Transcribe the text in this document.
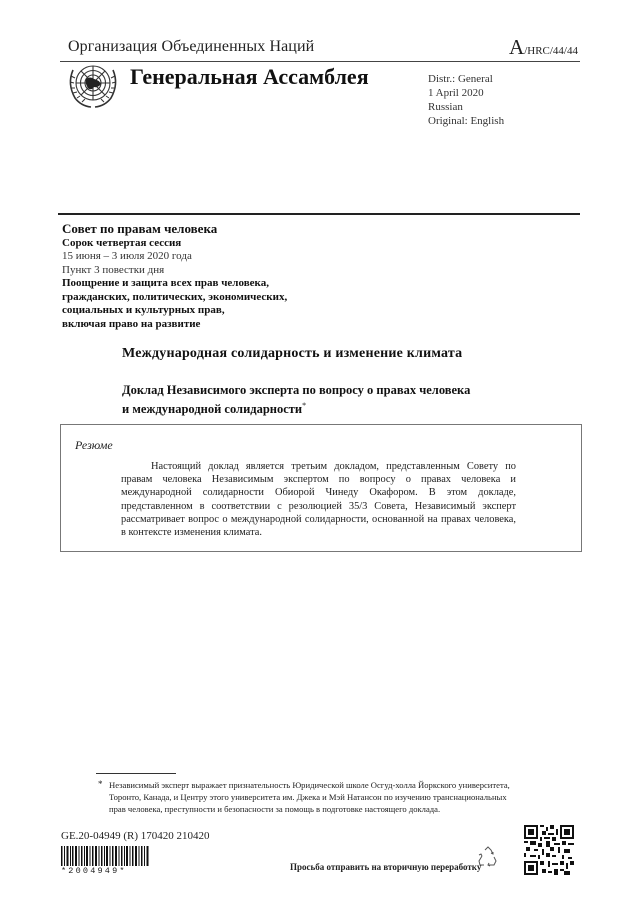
Организация Объединенных Наций	A/HRC/44/44
Генеральная Ассамблея	Distr.: General
1 April 2020
Russian
Original: English
Совет по правам человека
Сорок четвертая сессия
15 июня – 3 июля 2020 года
Пункт 3 повестки дня
Поощрение и защита всех прав человека,
гражданских, политических, экономических,
социальных и культурных прав,
включая право на развитие
Международная солидарность и изменение климата
Доклад Независимого эксперта по вопросу о правах человека
и международной солидарности*
Резюме
Настоящий доклад является третьим докладом, представленным Совету по правам человека Независимым экспертом по вопросу о правах человека и международной солидарности Обиорой Чинеду Окафором. В этом докладе, представленном в соответствии с резолюцией 35/3 Совета, Независимый эксперт рассматривает вопрос о международной солидарности, основанной на правах человека, в контексте изменения климата.
* Независимый эксперт выражает признательность Юридической школе Осгуд-холла Йоркского университета, Торонто, Канада, и Центру этого университета им. Джека и Мэй Натансон по изучению транснациональных прав человека, преступности и безопасности за помощь в подготовке настоящего доклада.
GE.20-04949 (R) 170420 210420
*2004949*	Просьба отправить на вторичную переработку
